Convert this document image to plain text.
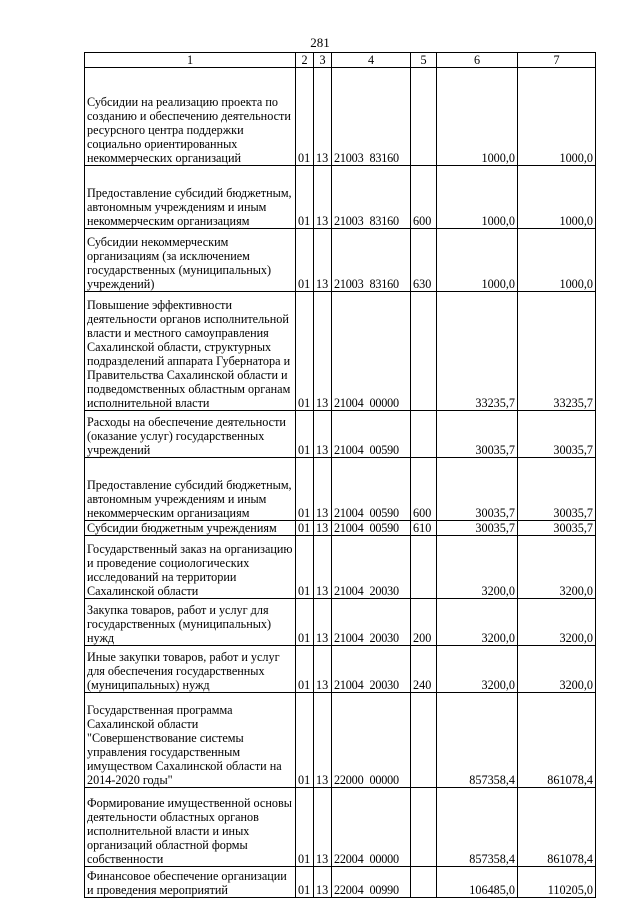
281
1	2	3	4	5	6	7
Субсидии на реализацию проекта по созданию и обеспечению деятельности ресурсного центра поддержки социально ориентированных некоммерческих организаций	01	13	21003 83160		1000,0	1000,0
Предоставление субсидий бюджетным, автономным учреждениям и иным некоммерческим организациям	01	13	21003 83160	600	1000,0	1000,0
Субсидии некоммерческим организациям (за исключением государственных (муниципальных) учреждений)	01	13	21003 83160	630	1000,0	1000,0
Повышение эффективности деятельности органов исполнительной власти и местного самоуправления Сахалинской области, структурных подразделений аппарата Губернатора и Правительства Сахалинской области и подведомственных областным органам исполнительной власти	01	13	21004 00000		33235,7	33235,7
Расходы на обеспечение деятельности (оказание услуг) государственных учреждений	01	13	21004 00590		30035,7	30035,7
Предоставление субсидий бюджетным, автономным учреждениям и иным некоммерческим организациям	01	13	21004 00590	600	30035,7	30035,7
Субсидии бюджетным учреждениям	01	13	21004 00590	610	30035,7	30035,7
Государственный заказ на организацию и проведение социологических исследований на территории Сахалинской области	01	13	21004 20030		3200,0	3200,0
Закупка товаров, работ и услуг для государственных (муниципальных) нужд	01	13	21004 20030	200	3200,0	3200,0
Иные закупки товаров, работ и услуг для обеспечения государственных (муниципальных) нужд	01	13	21004 20030	240	3200,0	3200,0
Государственная программа Сахалинской области "Совершенствование системы управления государственным имуществом Сахалинской области на 2014-2020 годы"	01	13	22000 00000		857358,4	861078,4
Формирование имущественной основы деятельности областных органов исполнительной власти и иных организаций областной формы собственности	01	13	22004 00000		857358,4	861078,4
Финансовое обеспечение организации и проведения мероприятий	01	13	22004 00990		106485,0	110205,0
